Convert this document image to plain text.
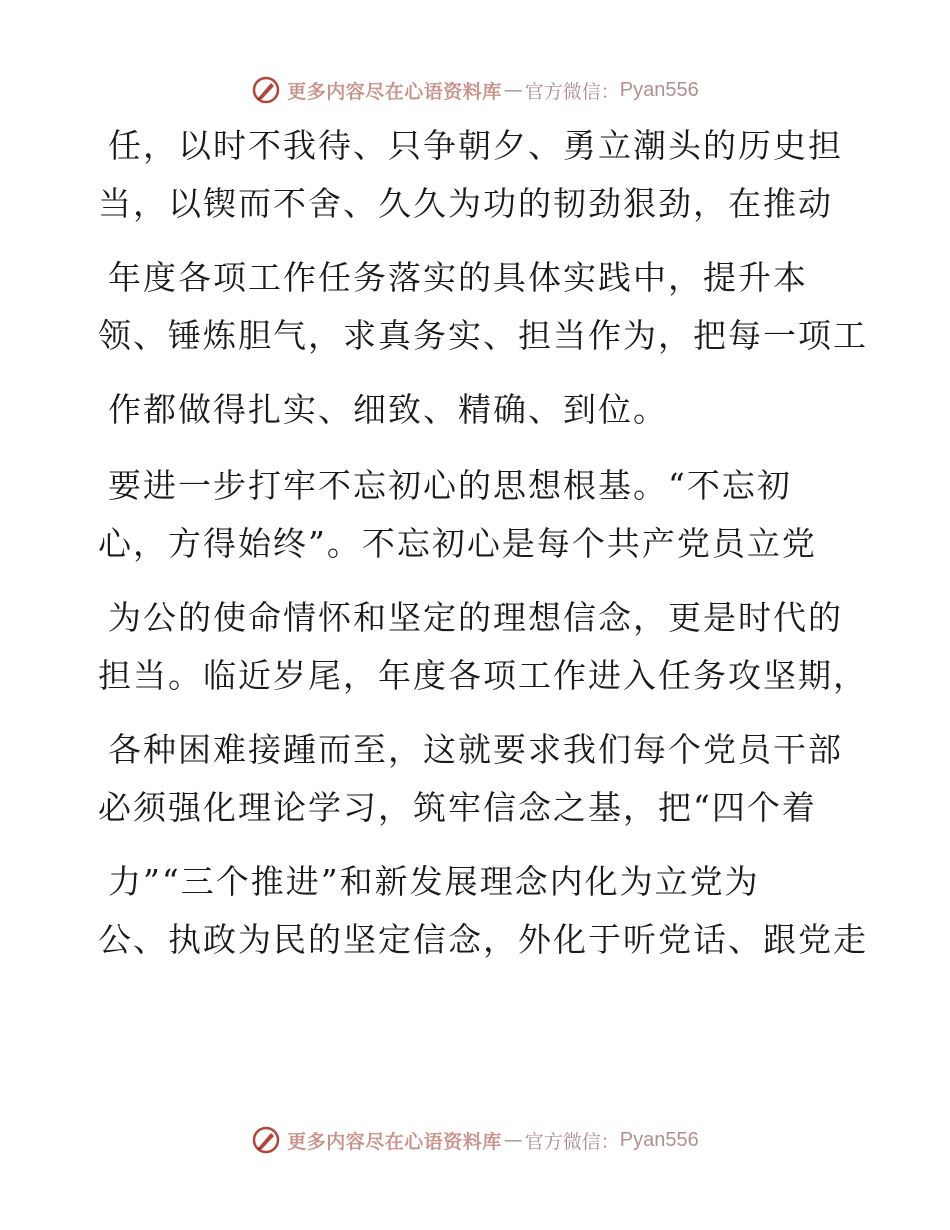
更多内容尽在心语资料库 — 官方微信： Pyan556
任，以时不我待、只争朝夕、勇立潮头的历史担
当，以锲而不舍、久久为功的韧劲狠劲，在推动
年度各项工作任务落实的具体实践中，提升本
领、锤炼胆气，求真务实、担当作为，把每一项工
作都做得扎实、细致、精确、到位。
要进一步打牢不忘初心的思想根基。“不忘初
心，方得始终”。不忘初心是每个共产党员立党
为公的使命情怀和坚定的理想信念，更是时代的
担当。临近岁尾，年度各项工作进入任务攻坚期，
各种困难接踵而至，这就要求我们每个党员干部
必须强化理论学习，筑牢信念之基，把“四个着
力”“三个推进”和新发展理念内化为立党为
公、执政为民的坚定信念，外化于听党话、跟党走
更多内容尽在心语资料库 — 官方微信： Pyan556
